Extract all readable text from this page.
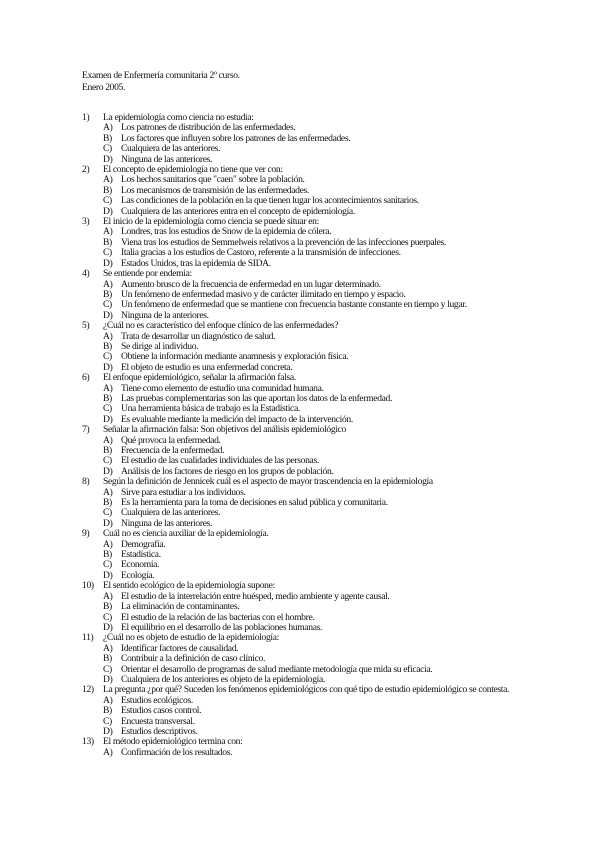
Examen de Enfermería comunitaria 2º curso.
Enero 2005.
1) La epidemiología como ciencia no estudia:
A) Los patrones de distribución de las enfermedades.
B) Los factores que influyen sobre los patrones de las enfermedades.
C) Cualquiera de las anteriores.
D) Ninguna de las anteriores.
2) El concepto de epidemiología no tiene que ver con:
A) Los hechos sanitarios que "caen" sobre la población.
B) Los mecanismos de transmisión de las enfermedades.
C) Las condiciones de la población en la que tienen lugar los acontecimientos sanitarios.
D) Cualquiera de las anteriores entra en el concepto de epidemiología.
3) El inicio de la epidemiología como ciencia se puede situar en:
A) Londres, tras los estudios de Snow de la epidemia de cólera.
B) Viena tras los estudios de Semmelweis relativos a la prevención de las infecciones puerpales.
C) Italia gracias a los estudios de Castoro, referente a la transmisión de infecciones.
D) Estados Unidos, tras la epidemia de SIDA.
4) Se entiende por endemia:
A) Aumento brusco de la frecuencia de enfermedad en un lugar determinado.
B) Un fenómeno de enfermedad masivo y de carácter ilimitado en tiempo y espacio.
C) Un fenómeno de enfermedad que se mantiene con frecuencia bastante constante en tiempo y lugar.
D) Ninguna de la anteriores.
5) ¿Cuál no es característico del enfoque clínico de las enfermedades?
A) Trata de desarrollar un diagnóstico de salud.
B) Se dirige al individuo.
C) Obtiene la información mediante anamnesis y exploración física.
D) El objeto de estudio es una enfermedad concreta.
6) El enfoque epidemiológico, señalar la afirmación falsa.
A) Tiene como elemento de estudio una comunidad humana.
B) Las pruebas complementarias son las que aportan los datos de la enfermedad.
C) Una herramienta básica de trabajo es la Estadística.
D) Es evaluable mediante la medición del impacto de la intervención.
7) Señalar la afirmación falsa: Son objetivos del análisis epidemiológico
A) Qué provoca la enfermedad.
B) Frecuencia de la enfermedad.
C) El estudio de las cualidades individuales de las personas.
D) Análisis de los factores de riesgo en los grupos de población.
8) Según la definición de Jennicek cuál es el aspecto de mayor trascendencia en la epidemiología
A) Sirve para estudiar a los individuos.
B) Es la herramienta para la toma de decisiones en salud pública y comunitaria.
C) Cualquiera de las anteriores.
D) Ninguna de las anteriores.
9) Cuál no es ciencia auxiliar de la epidemiología.
A) Demografía.
B) Estadística.
C) Economía.
D) Ecología.
10) El sentido ecológico de la epidemiología supone:
A) El estudio de la interrelación entre huésped, medio ambiente y agente causal.
B) La eliminación de contaminantes.
C) El estudio de la relación de las bacterias con el hombre.
D) El equilibrio en el desarrollo de las poblaciones humanas.
11) ¿Cuál no es objeto de estudio de la epidemiología:
A) Identificar factores de causalidad.
B) Contribuir a la definición de caso clínico.
C) Orientar el desarrollo de programas de salud mediante metodología que mida su eficacia.
D) Cualquiera de los anteriores es objeto de la epidemiología.
12) La pregunta ¿por qué? Suceden los fenómenos epidemiológicos con qué tipo de estudio epidemiológico se contesta.
A) Estudios ecológicos.
B) Estudios casos control.
C) Encuesta transversal.
D) Estudios descriptivos.
13) El método epidemiológico termina con:
A) Confirmación de los resultados.
